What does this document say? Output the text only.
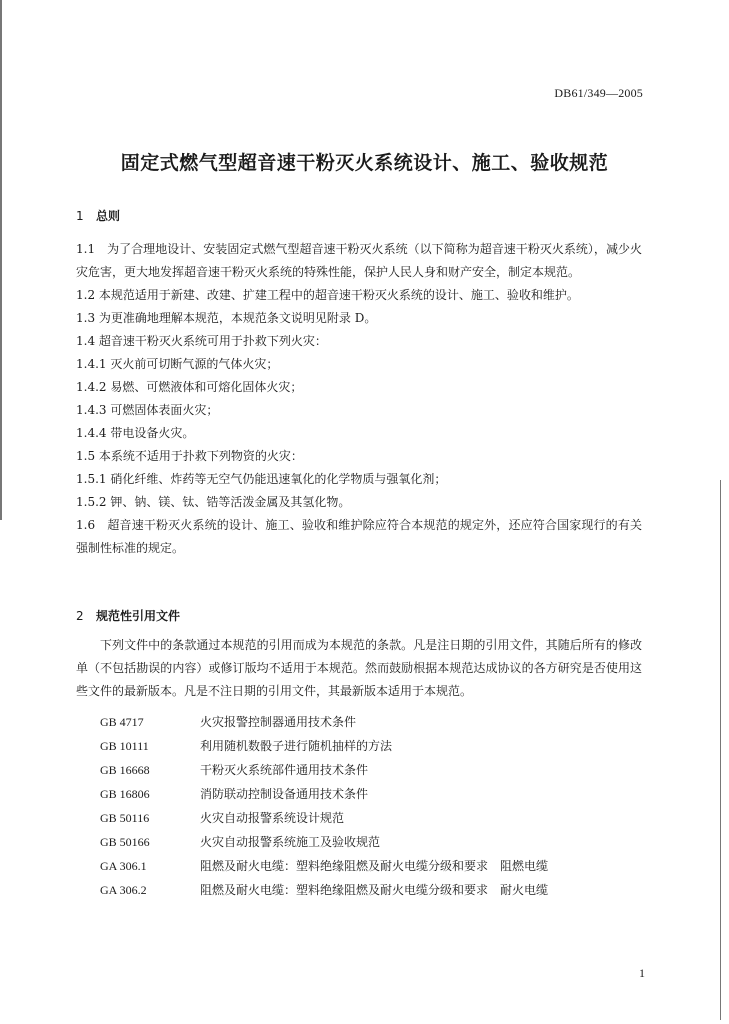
DB61/349—2005
固定式燃气型超音速干粉灭火系统设计、施工、验收规范
1 总则

1.1　为了合理地设计、安装固定式燃气型超音速干粉灭火系统（以下简称为超音速干粉灭火系统），减少火灾危害，更大地发挥超音速干粉灭火系统的特殊性能，保护人民人身和财产安全，制定本规范。

1.2 本规范适用于新建、改建、扩建工程中的超音速干粉灭火系统的设计、施工、验收和维护。

1.3 为更准确地理解本规范，本规范条文说明见附录 D。

1.4 超音速干粉灭火系统可用于扑救下列火灾：

1.4.1 灭火前可切断气源的气体火灾；

1.4.2 易燃、可燃液体和可熔化固体火灾；

1.4.3 可燃固体表面火灾；

1.4.4 带电设备火灾。

1.5 本系统不适用于扑救下列物资的火灾：

1.5.1 硝化纤维、炸药等无空气仍能迅速氧化的化学物质与强氧化剂；

1.5.2 钾、钠、镁、钛、锆等活泼金属及其氢化物。

1.6　超音速干粉灭火系统的设计、施工、验收和维护除应符合本规范的规定外，还应符合国家现行的有关强制性标准的规定。

2 规范性引用文件

下列文件中的条款通过本规范的引用而成为本规范的条款。凡是注日期的引用文件，其随后所有的修改单（不包括勘误的内容）或修订版均不适用于本规范。然而鼓励根据本规范达成协议的各方研究是否使用这些文件的最新版本。凡是不注日期的引用文件，其最新版本适用于本规范。

GB 4717	火灾报警控制器通用技术条件
GB 10111	利用随机数骰子进行随机抽样的方法
GB 16668	干粉灭火系统部件通用技术条件
GB 16806	消防联动控制设备通用技术条件
GB 50116	火灾自动报警系统设计规范
GB 50166	火灾自动报警系统施工及验收规范
GA 306.1	阻燃及耐火电缆：塑料绝缘阻燃及耐火电缆分级和要求　阻燃电缆
GA 306.2	阻燃及耐火电缆：塑料绝缘阻燃及耐火电缆分级和要求　耐火电缆
1
